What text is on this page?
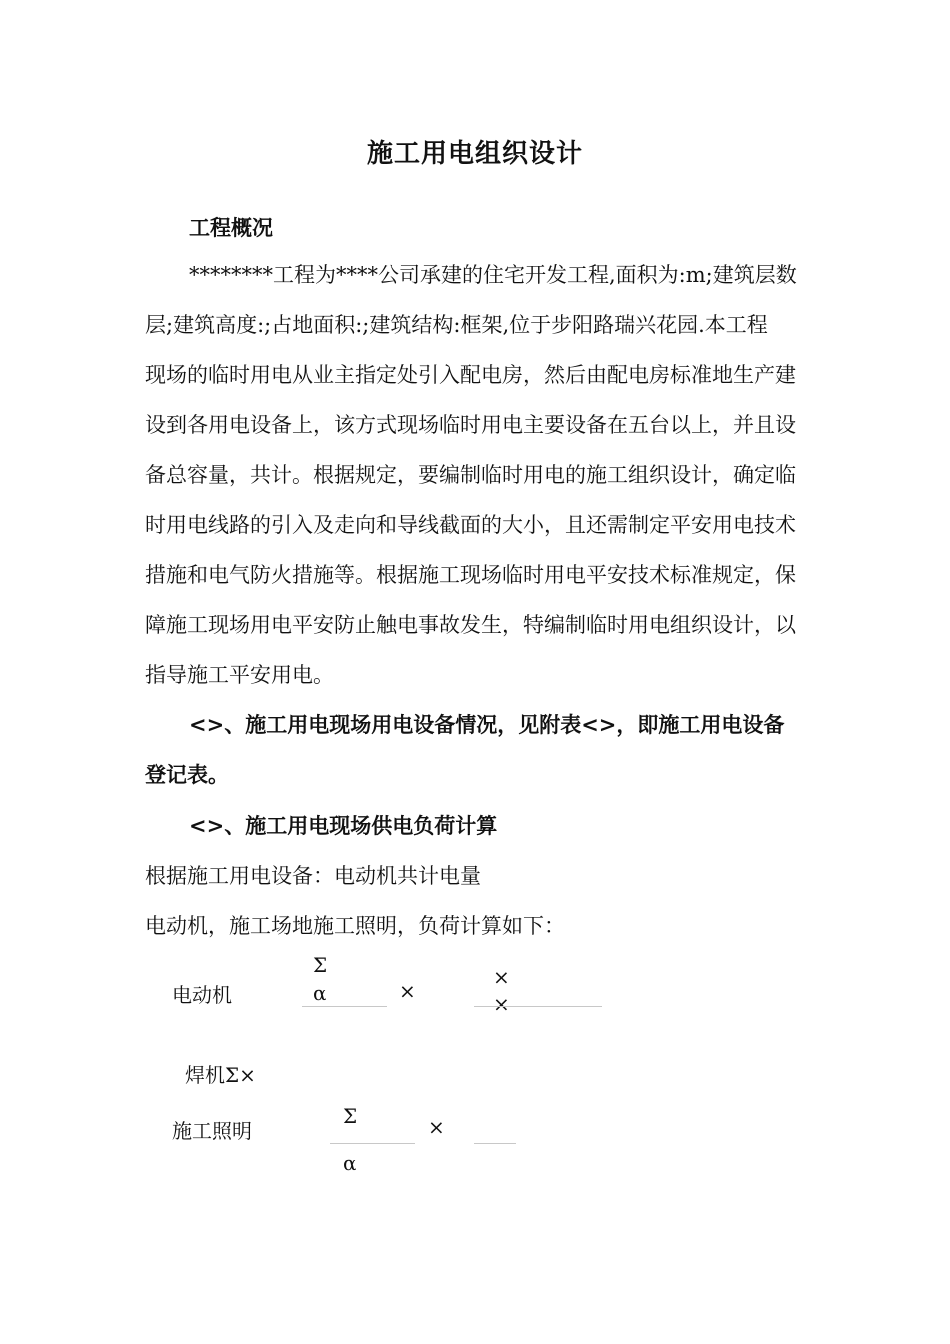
施工用电组织设计
工程概况
********工程为****公司承建的住宅开发工程,面积为:m;建筑层数
层;建筑高度:;占地面积:;建筑结构:框架,位于步阳路瑞兴花园.本工程
现场的临时用电从业主指定处引入配电房，然后由配电房标准地生产建
设到各用电设备上，该方式现场临时用电主要设备在五台以上，并且设
备总容量，共计。根据规定，要编制临时用电的施工组织设计，确定临
时用电线路的引入及走向和导线截面的大小，且还需制定平安用电技术
措施和电气防火措施等。根据施工现场临时用电平安技术标准规定，保
障施工现场用电平安防止触电事故发生，特编制临时用电组织设计，以
指导施工平安用电。
<>、施工用电现场用电设备情况，见附表<>，即施工用电设备
登记表。
<>、施工用电现场供电负荷计算
根据施工用电设备：电动机共计电量
电动机，施工场地施工照明，负荷计算如下：
电动机
Σ
α	×
×
×
焊机Σ×
施工照明
Σ
α
×
